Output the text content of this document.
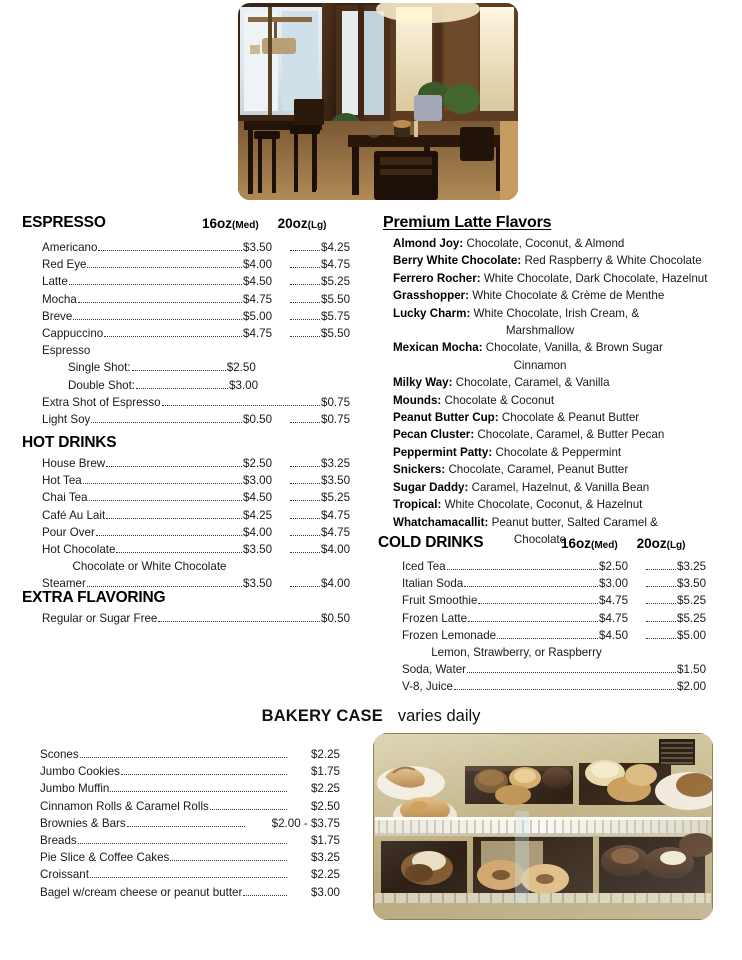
ESPRESSO	16oz(Med) 20oz(Lg)
Americano	$3.50	$4.25
Red Eye	$4.00	$4.75
Latte	$4.50	$5.25
Mocha	$4.75	$5.50
Breve	$5.00	$5.75
Cappuccino	$4.75	$5.50
Espresso
Single Shot:	$2.50
Double Shot:	$3.00
Extra Shot of Espresso	$0.75
Light Soy	$0.50	$0.75
HOT DRINKS
House Brew	$2.50	$3.25
Hot Tea	$3.00	$3.50
Chai Tea	$4.50	$5.25
Café Au Lait	$4.25	$4.75
Pour Over	$4.00	$4.75
Hot Chocolate	$3.50	$4.00
Chocolate or White Chocolate
Steamer	$3.50	$4.00
EXTRA FLAVORING
Regular or Sugar Free	$0.50
Premium Latte Flavors
Almond Joy: Chocolate, Coconut, & Almond
Berry White Chocolate: Red Raspberry & White Chocolate
Ferrero Rocher: White Chocolate, Dark Chocolate, Hazelnut
Grasshopper: White Chocolate & Crème de Menthe
Lucky Charm: White Chocolate, Irish Cream, &
Marshmallow
Mexican Mocha: Chocolate, Vanilla, & Brown Sugar
Cinnamon
Milky Way: Chocolate, Caramel, & Vanilla
Mounds: Chocolate & Coconut
Peanut Butter Cup: Chocolate & Peanut Butter
Pecan Cluster: Chocolate, Caramel, & Butter Pecan
Peppermint Patty: Chocolate & Peppermint
Snickers: Chocolate, Caramel, Peanut Butter
Sugar Daddy: Caramel, Hazelnut, & Vanilla Bean
Tropical: White Chocolate, Coconut, & Hazelnut
Whatchamacallit: Peanut butter, Salted Caramel &
Chocolate
COLD DRINKS	16oz(Med) 20oz(Lg)
Iced Tea	$2.50	$3.25
Italian Soda	$3.00	$3.50
Fruit Smoothie	$4.75	$5.25
Frozen Latte	$4.75	$5.25
Frozen Lemonade	$4.50	$5.00
Lemon, Strawberry, or Raspberry
Soda, Water	$1.50
V-8, Juice	$2.00
BAKERY CASE varies daily
Scones	$2.25
Jumbo Cookies	$1.75
Jumbo Muffin	$2.25
Cinnamon Rolls & Caramel Rolls	$2.50
Brownies & Bars	$2.00 - $3.75
Breads	$1.75
Pie Slice & Coffee Cakes	$3.25
Croissant	$2.25
Bagel w/cream cheese or peanut butter	$3.00
